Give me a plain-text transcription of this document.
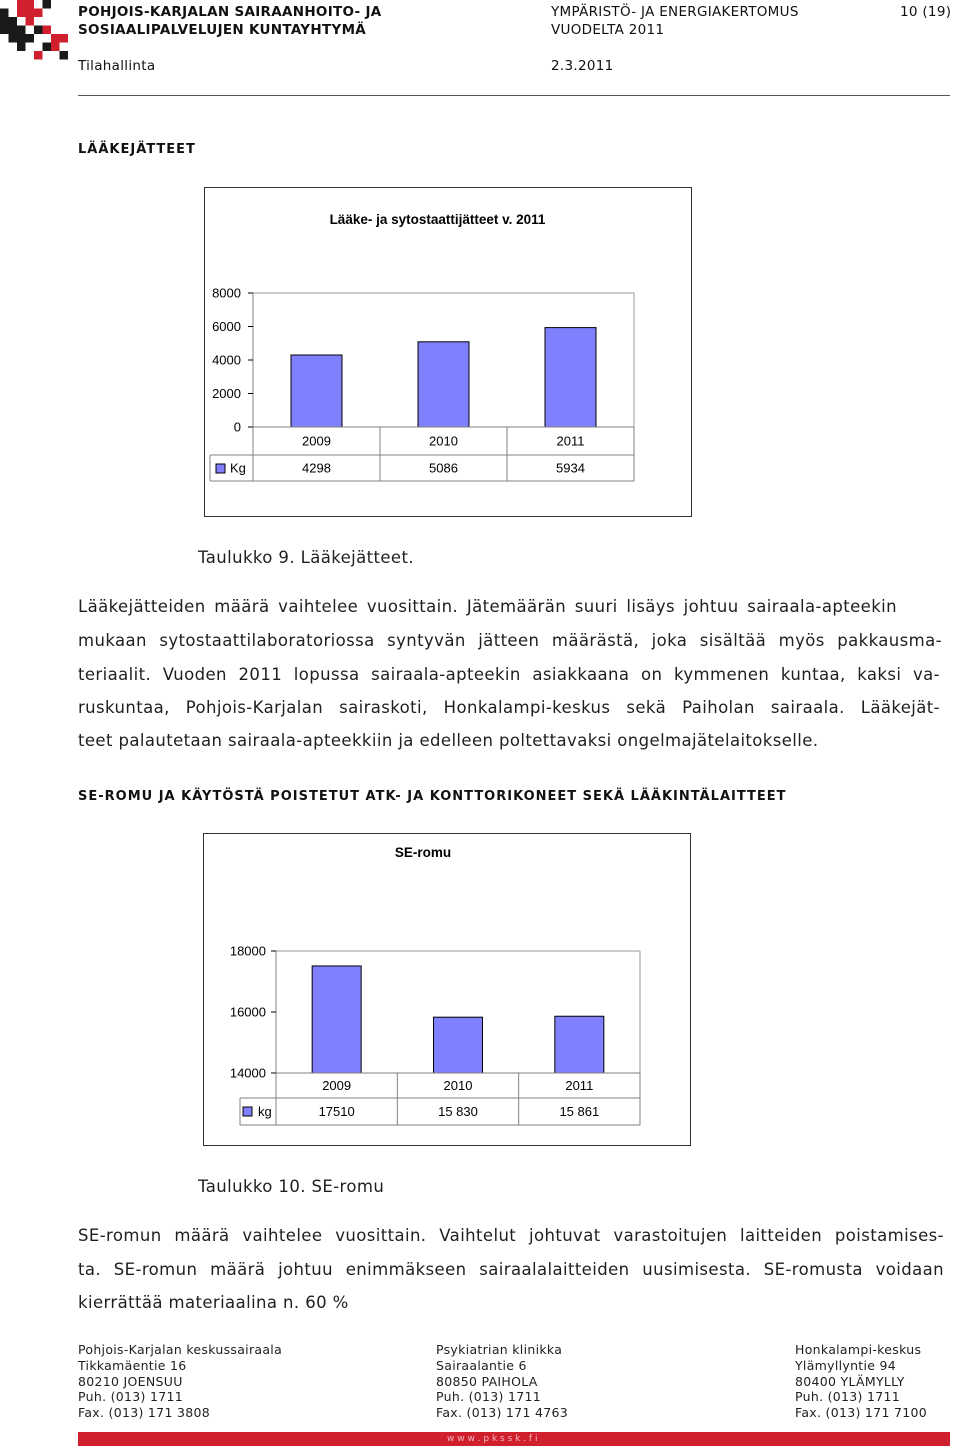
POHJOIS-KARJALAN SAIRAANHOITO- JA
SOSIAALIPALVELUJEN KUNTAYHTYMÄ
YMPÄRISTÖ- JA ENERGIAKERTOMUS
VUODELTA 2011
10 (19)
Tilahallinta	2.3.2011
LÄÄKEJÄTTEET
Lääke- ja sytostaattijätteet v. 2011
0
2000
4000
6000
8000
2009
4298
2010
5086
2011
5934
Kg
Taulukko 9. Lääkejätteet.
Lääkejätteiden määrä vaihtelee vuosittain. Jätemäärän suuri lisäys johtuu sairaala-apteekin
mukaan sytostaattilaboratoriossa syntyvän jätteen määrästä, joka sisältää myös pakkausma-
teriaalit. Vuoden 2011 lopussa sairaala-apteekin asiakkaana on kymmenen kuntaa, kaksi va-
ruskuntaa, Pohjois-Karjalan sairaskoti, Honkalampi-keskus sekä Paiholan sairaala. Lääkejät-
teet palautetaan sairaala-apteekkiin ja edelleen poltettavaksi ongelmajätelaitokselle.
SE-ROMU JA KÄYTÖSTÄ POISTETUT ATK- JA KONTTORIKONEET SEKÄ LÄÄKINTÄLAITTEET
SE-romu
14000
16000
18000
2009
17510
2010
15 830
2011
15 861
kg
Taulukko 10. SE-romu
SE-romun määrä vaihtelee vuosittain. Vaihtelut johtuvat varastoitujen laitteiden poistamises-
ta. SE-romun määrä johtuu enimmäkseen sairaalalaitteiden uusimisesta. SE-romusta voidaan
kierrättää materiaalina n. 60 %
Pohjois-Karjalan keskussairaala
Tikkamäentie 16
80210 JOENSUU
Puh. (013) 1711
Fax. (013) 171 3808
Psykiatrian klinikka
Sairaalantie 6
80850 PAIHOLA
Puh. (013) 1711
Fax. (013) 171 4763
Honkalampi-keskus
Ylämyllyntie 94
80400 YLÄMYLLY
Puh. (013) 1711
Fax. (013) 171 7100
w w w . p k s s k . f i
